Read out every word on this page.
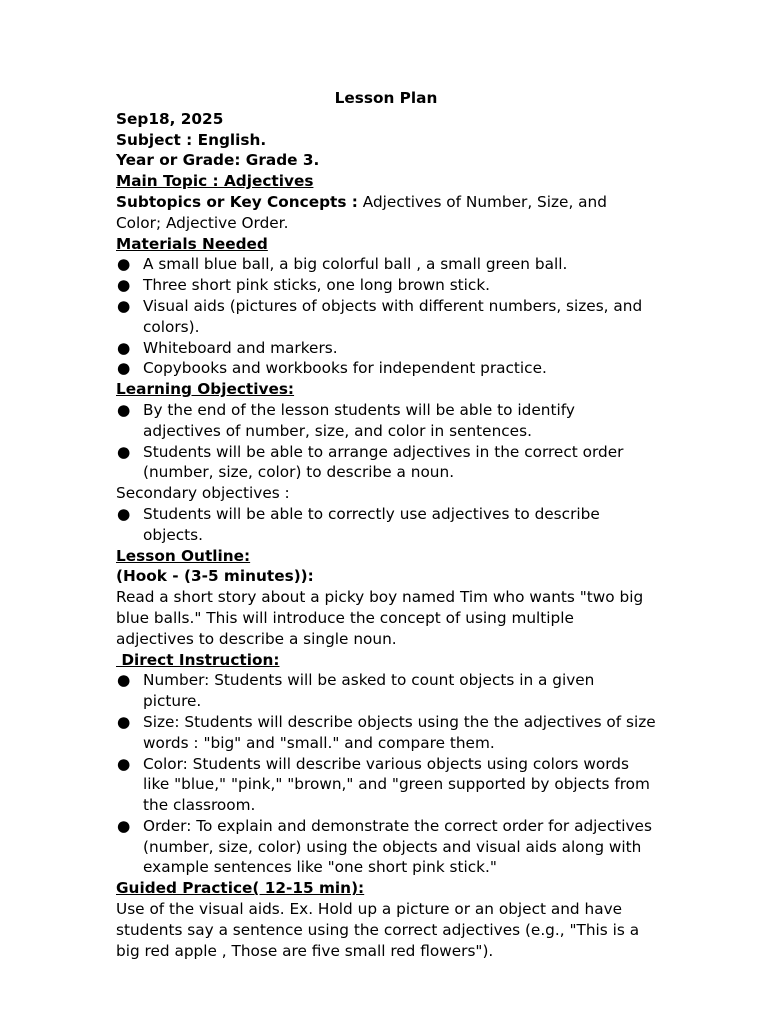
Lesson Plan
Sep18, 2025
Subject : English.
Year or Grade: Grade 3.
Main Topic : Adjectives

Subtopics or Key Concepts : Adjectives of Number, Size, and Color; Adjective Order.

Materials Needed
● A small blue ball, a big colorful ball , a small green ball.
● Three short pink sticks, one long brown stick.
● Visual aids (pictures of objects with different numbers, sizes, and colors).
● Whiteboard and markers.
● Copybooks and workbooks for independent practice.
Learning Objectives:
● By the end of the lesson students will be able to identify adjectives of number, size, and color in sentences.
● Students will be able to arrange adjectives in the correct order (number, size, color) to describe a noun.
Secondary objectives :
● Students will be able to correctly use adjectives to describe objects.
Lesson Outline:
(Hook - (3-5 minutes)):

Read a short story about a picky boy named Tim who wants "two big blue balls." This will introduce the concept of using multiple adjectives to describe a single noun.

Direct Instruction:
● Number: Students will be asked to count objects in a given picture.
● Size: Students will describe objects using the the adjectives of size words : "big" and "small." and compare them.
● Color: Students will describe various objects using colors words like "blue," "pink," "brown," and "green supported by objects from the classroom.
● Order: To explain and demonstrate the correct order for adjectives (number, size, color) using the objects and visual aids along with example sentences like "one short pink stick."
Guided Practice( 12-15 min):

Use of the visual aids. Ex. Hold up a picture or an object and have students say a sentence using the correct adjectives (e.g., "This is a big red apple , Those are five small red flowers").
